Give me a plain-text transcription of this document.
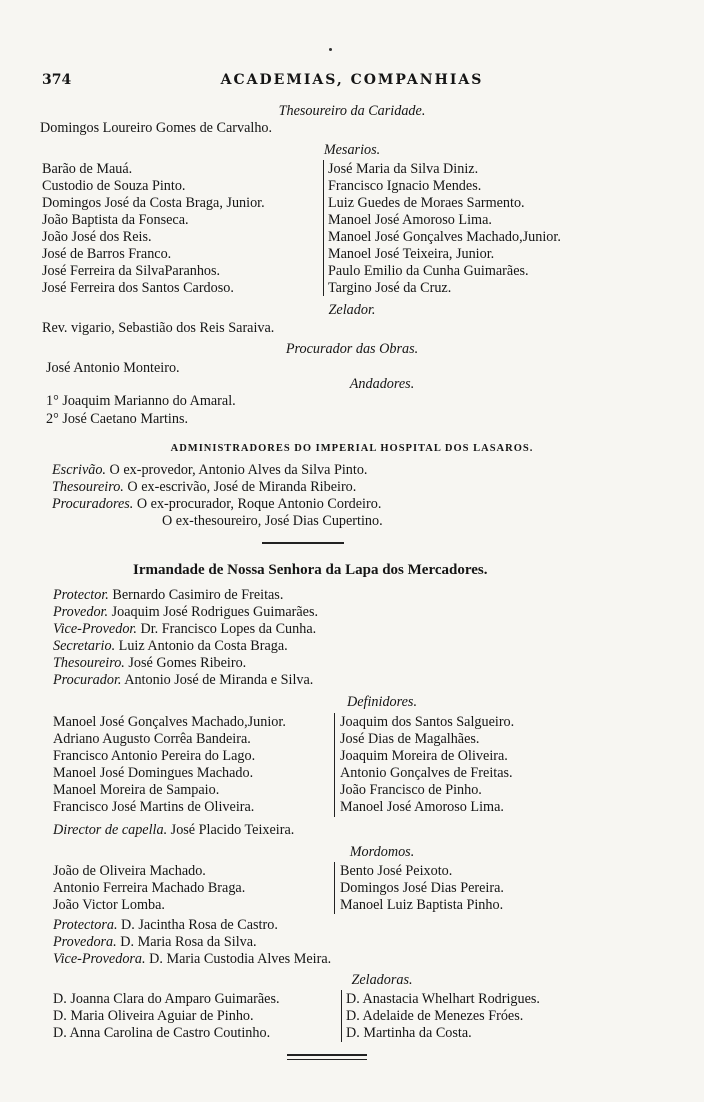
374	ACADEMIAS, COMPANHIAS
Thesoureiro da Caridade.
Domingos Loureiro Gomes de Carvalho.
Mesarios.
Barão de Mauá.
Custodio de Souza Pinto.
Domingos José da Costa Braga, Junior.
João Baptista da Fonseca.
João José dos Reis.
José de Barros Franco.
José Ferreira da SilvaParanhos.
José Ferreira dos Santos Cardoso.
José Maria da Silva Diniz.
Francisco Ignacio Mendes.
Luiz Guedes de Moraes Sarmento.
Manoel José Amoroso Lima.
Manoel José Gonçalves Machado,Junior.
Manoel José Teixeira, Junior.
Paulo Emilio da Cunha Guimarães.
Targino José da Cruz.
Zelador.
Rev. vigario, Sebastião dos Reis Saraiva.
Procurador das Obras.
José Antonio Monteiro.
Andadores.
1° Joaquim Marianno do Amaral.
2° José Caetano Martins.
ADMINISTRADORES DO IMPERIAL HOSPITAL DOS LASAROS.
Escrivão. O ex-provedor, Antonio Alves da Silva Pinto.
Thesoureiro. O ex-escrivão, José de Miranda Ribeiro.
Procuradores. O ex-procurador, Roque Antonio Cordeiro.
O ex-thesoureiro, José Dias Cupertino.
Irmandade de Nossa Senhora da Lapa dos Mercadores.
Protector. Bernardo Casimiro de Freitas.
Provedor. Joaquim José Rodrigues Guimarães.
Vice-Provedor. Dr. Francisco Lopes da Cunha.
Secretario. Luiz Antonio da Costa Braga.
Thesoureiro. José Gomes Ribeiro.
Procurador. Antonio José de Miranda e Silva.
Definidores.
Manoel José Gonçalves Machado,Junior.
Adriano Augusto Corrêa Bandeira.
Francisco Antonio Pereira do Lago.
Manoel José Domingues Machado.
Manoel Moreira de Sampaio.
Francisco José Martins de Oliveira.
Joaquim dos Santos Salgueiro.
José Dias de Magalhães.
Joaquim Moreira de Oliveira.
Antonio Gonçalves de Freitas.
João Francisco de Pinho.
Manoel José Amoroso Lima.
Director de capella. José Placido Teixeira.
Mordomos.
João de Oliveira Machado.
Antonio Ferreira Machado Braga.
João Victor Lomba.
Bento José Peixoto.
Domingos José Dias Pereira.
Manoel Luiz Baptista Pinho.
Protectora. D. Jacintha Rosa de Castro.
Provedora. D. Maria Rosa da Silva.
Vice-Provedora. D. Maria Custodia Alves Meira.
Zeladoras.
D. Joanna Clara do Amparo Guimarães.
D. Maria Oliveira Aguiar de Pinho.
D. Anna Carolina de Castro Coutinho.
D. Anastacia Whelhart Rodrigues.
D. Adelaide de Menezes Fróes.
D. Martinha da Costa.
